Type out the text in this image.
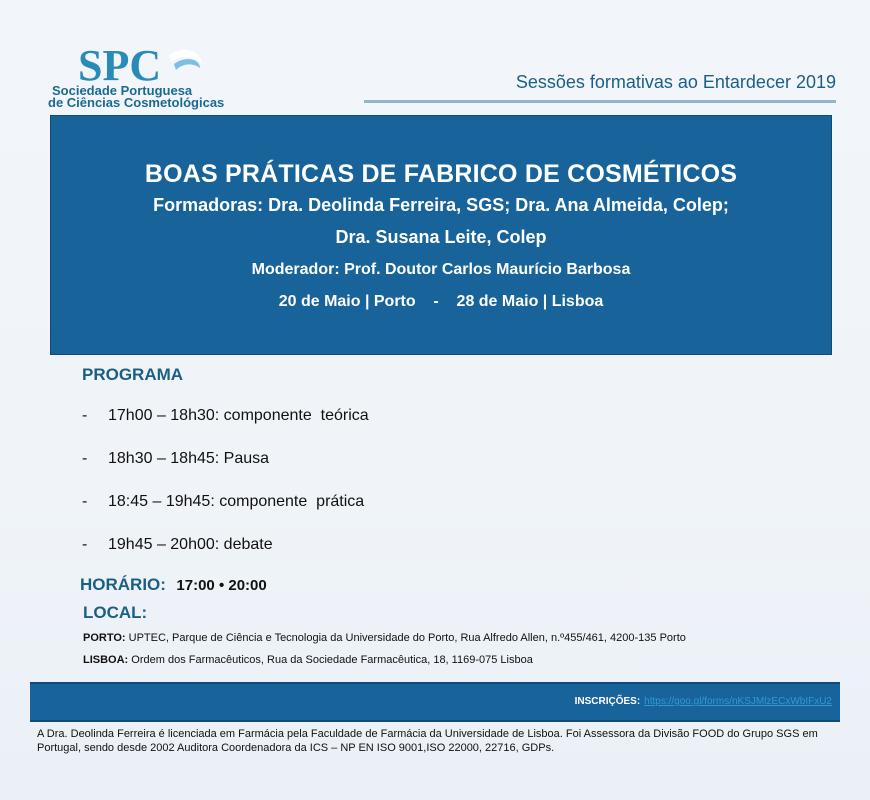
SPC
Sociedade Portuguesa
de Ciências Cosmetológicas
Sessões formativas ao Entardecer 2019
BOAS PRÁTICAS DE FABRICO DE COSMÉTICOS
Formadoras: Dra. Deolinda Ferreira, SGS; Dra. Ana Almeida, Colep;
Dra. Susana Leite, Colep
Moderador: Prof. Doutor Carlos Maurício Barbosa
20 de Maio | Porto    -    28 de Maio | Lisboa
PROGRAMA
- 17h00 – 18h30: componente  teórica
- 18h30 – 18h45: Pausa
- 18:45 – 19h45: componente  prática
- 19h45 – 20h00: debate
HORÁRIO: 17:00 • 20:00
LOCAL:
PORTO: UPTEC, Parque de Ciência e Tecnologia da Universidade do Porto, Rua Alfredo Allen, n.º455/461, 4200-135 Porto
LISBOA: Ordem dos Farmacêuticos, Rua da Sociedade Farmacêutica, 18, 1169-075 Lisboa
INSCRIÇÕES: https://goo.gl/forms/nKSJMlzECxWbIFxU2
A Dra. Deolinda Ferreira é licenciada em Farmácia pela Faculdade de Farmácia da Universidade de Lisboa. Foi Assessora da Divisão FOOD do Grupo SGS em Portugal, sendo desde 2002 Auditora Coordenadora da ICS – NP EN ISO 9001,ISO 22000, 22716, GDPs.
